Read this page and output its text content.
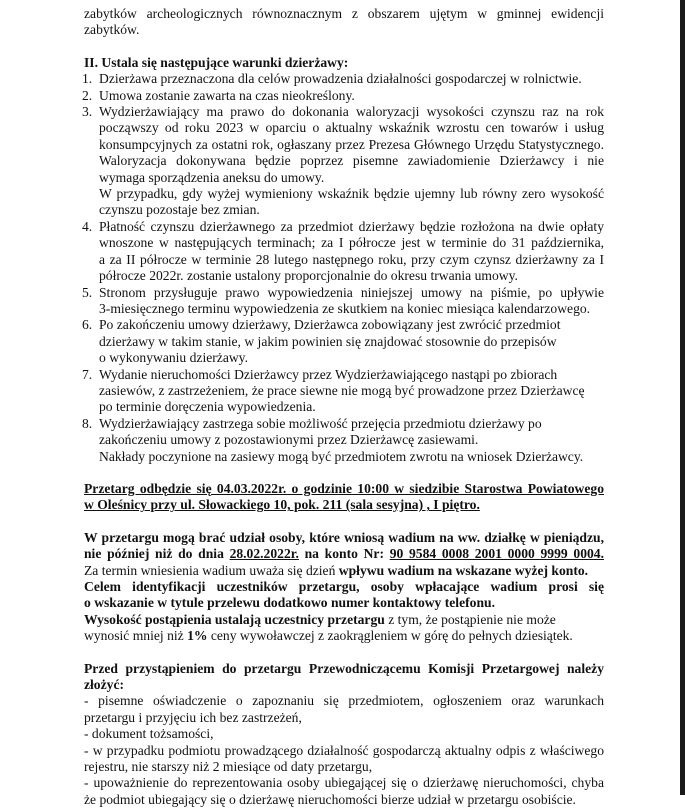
zabytków archeologicznych równoznacznym z obszarem ujętym w gminnej ewidencji

zabytków.

II. Ustala się następujące warunki dzierżawy:

1. Dzierżawa przeznaczona dla celów prowadzenia działalności gospodarczej w rolnictwie.
2. Umowa zostanie zawarta na czas nieokreślony.
3. Wydzierżawiający ma prawo do dokonania waloryzacji wysokości czynszu raz na rok
począwszy od roku 2023 w oparciu o aktualny wskaźnik wzrostu cen towarów i usług
konsumpcyjnych za ostatni rok, ogłaszany przez Prezesa Głównego Urzędu Statystycznego.
Waloryzacja dokonywana będzie poprzez pisemne zawiadomienie Dzierżawcy i nie
wymaga sporządzenia aneksu do umowy.
W przypadku, gdy wyżej wymieniony wskaźnik będzie ujemny lub równy zero wysokość
czynszu pozostaje bez zmian.
4. Płatność czynszu dzierżawnego za przedmiot dzierżawy będzie rozłożona na dwie opłaty
wnoszone w następujących terminach; za I półrocze jest w terminie do 31 października,
a za II półrocze w terminie 28 lutego następnego roku, przy czym czynsz dzierżawny za I
półrocze 2022r. zostanie ustalony proporcjonalnie do okresu trwania umowy.
5. Stronom przysługuje prawo wypowiedzenia niniejszej umowy na piśmie, po upływie
3-miesięcznego terminu wypowiedzenia ze skutkiem na koniec miesiąca kalendarzowego.
6. Po zakończeniu umowy dzierżawy, Dzierżawca zobowiązany jest zwrócić przedmiot
dzierżawy w takim stanie, w jakim powinien się znajdować stosownie do przepisów
o wykonywaniu dzierżawy.
7. Wydanie nieruchomości Dzierżawcy przez Wydzierżawiającego nastąpi po zbiorach
zasiewów, z zastrzeżeniem, że prace siewne nie mogą być prowadzone przez Dzierżawcę
po terminie doręczenia wypowiedzenia.
8. Wydzierżawiający zastrzega sobie możliwość przejęcia przedmiotu dzierżawy po
zakończeniu umowy z pozostawionymi przez Dzierżawcę zasiewami.
Nakłady poczynione na zasiewy mogą być przedmiotem zwrotu na wniosek Dzierżawcy.

Przetarg odbędzie się 04.03.2022r. o godzinie 10:00 w siedzibie Starostwa Powiatowego

w Oleśnicy przy ul. Słowackiego 10, pok. 211 (sala sesyjna) , I piętro.

W przetargu mogą brać udział osoby, które wniosą wadium na ww. działkę w pieniądzu,

nie później niż do dnia 28.02.2022r. na konto Nr: 90 9584 0008 2001 0000 9999 0004.

Za termin wniesienia wadium uważa się dzień wpływu wadium na wskazane wyżej konto.

Celem identyfikacji uczestników przetargu, osoby wpłacające wadium prosi się

o wskazanie w tytule przelewu dodatkowo numer kontaktowy telefonu.

Wysokość postąpienia ustalają uczestnicy przetargu z tym, że postąpienie nie może

wynosić mniej niż 1% ceny wywoławczej z zaokrągleniem w górę do pełnych dziesiątek.

Przed przystąpieniem do przetargu Przewodniczącemu Komisji Przetargowej należy

złożyć:

- pisemne oświadczenie o zapoznaniu się przedmiotem, ogłoszeniem oraz warunkach

przetargu i przyjęciu ich bez zastrzeżeń,

- dokument tożsamości,

- w przypadku podmiotu prowadzącego działalność gospodarczą aktualny odpis z właściwego

rejestru, nie starszy niż 2 miesiące od daty przetargu,

- upoważnienie do reprezentowania osoby ubiegającej się o dzierżawę nieruchomości, chyba

że podmiot ubiegający się o dzierżawę nieruchomości bierze udział w przetargu osobiście.
